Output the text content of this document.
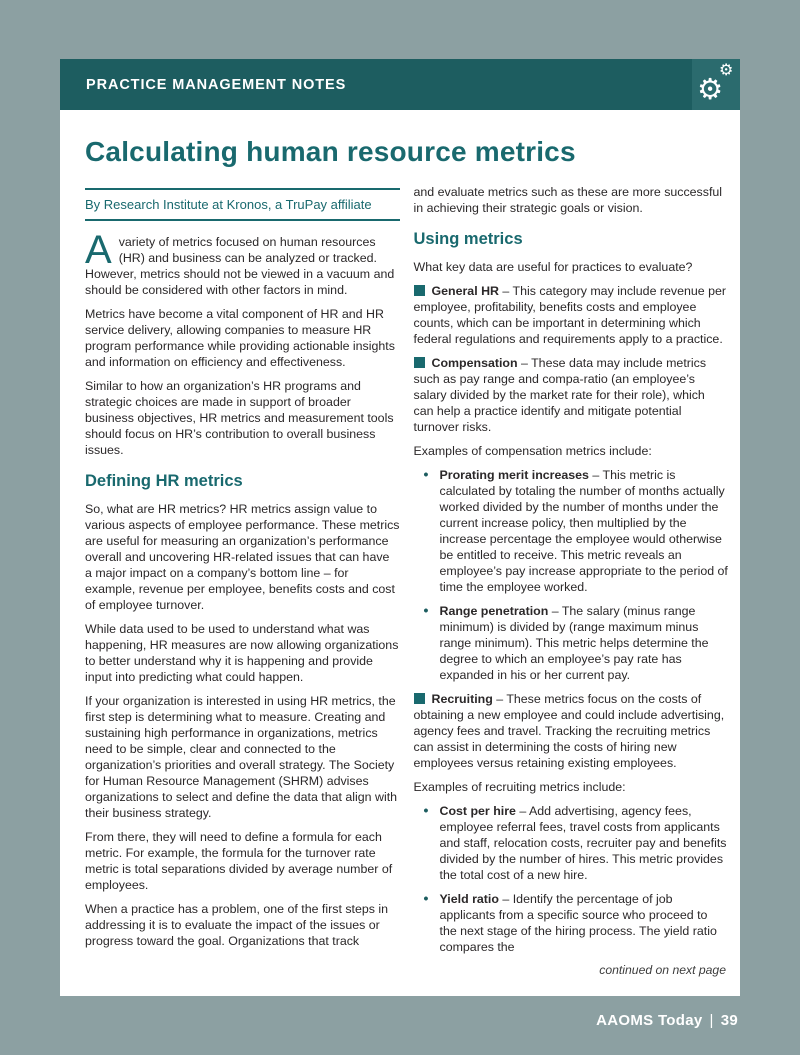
PRACTICE MANAGEMENT NOTES
⚙
⚙
Calculating human resource metrics
By Research Institute at Kronos, a TruPay affiliate

Avariety of metrics focused on human resources (HR) and business can be analyzed or tracked. However, metrics should not be viewed in a vacuum and should be considered with other factors in mind.

Metrics have become a vital component of HR and HR service delivery, allowing companies to measure HR program performance while providing actionable insights and information on efficiency and effectiveness.

Similar to how an organization’s HR programs and strategic choices are made in support of broader business objectives, HR metrics and measurement tools should focus on HR’s contribution to overall business issues.

Defining HR metrics

So, what are HR metrics? HR metrics assign value to various aspects of employee performance. These metrics are useful for measuring an organization’s performance overall and uncovering HR-related issues that can have a major impact on a company’s bottom line – for example, revenue per employee, benefits costs and cost of employee turnover.

While data used to be used to understand what was happening, HR measures are now allowing organizations to better understand why it is happening and provide input into predicting what could happen.

If your organization is interested in using HR metrics, the first step is determining what to measure. Creating and sustaining high performance in organizations, metrics need to be simple, clear and connected to the organization’s priorities and overall strategy. The Society for Human Resource Management (SHRM) advises organizations to select and define the data that align with their business strategy.

From there, they will need to define a formula for each metric. For example, the formula for the turnover rate metric is total separations divided by average number of employees.

When a practice has a problem, one of the first steps in addressing it is to evaluate the impact of the issues or progress toward the goal. Organizations that track

and evaluate metrics such as these are more successful in achieving their strategic goals or vision.

Using metrics

What key data are useful for practices to evaluate?

General HR – This category may include revenue per employee, profitability, benefits costs and employee counts, which can be important in determining which federal regulations and requirements apply to a practice.

Compensation – These data may include metrics such as pay range and compa-ratio (an employee’s salary divided by the market rate for their role), which can help a practice identify and mitigate potential turnover risks.

Examples of compensation metrics include:

• Prorating merit increases – This metric is calculated by totaling the number of months actually worked divided by the number of months under the current increase policy, then multiplied by the increase percentage the employee would otherwise be entitled to receive. This metric reveals an employee’s pay increase appropriate to the period of time the employee worked.
• Range penetration – The salary (minus range minimum) is divided by (range maximum minus range minimum). This metric helps determine the degree to which an employee’s pay rate has expanded in his or her current pay.

Recruiting – These metrics focus on the costs of obtaining a new employee and could include advertising, agency fees and travel. Tracking the recruiting metrics can assist in determining the costs of hiring new employees versus retaining existing employees.

Examples of recruiting metrics include:

• Cost per hire – Add advertising, agency fees, employee referral fees, travel costs from applicants and staff, relocation costs, recruiter pay and benefits divided by the number of hires. This metric provides the total cost of a new hire.
• Yield ratio – Identify the percentage of job applicants from a specific source who proceed to the next stage of the hiring process. The yield ratio compares the

continued on next page

AAOMS Today | 39
